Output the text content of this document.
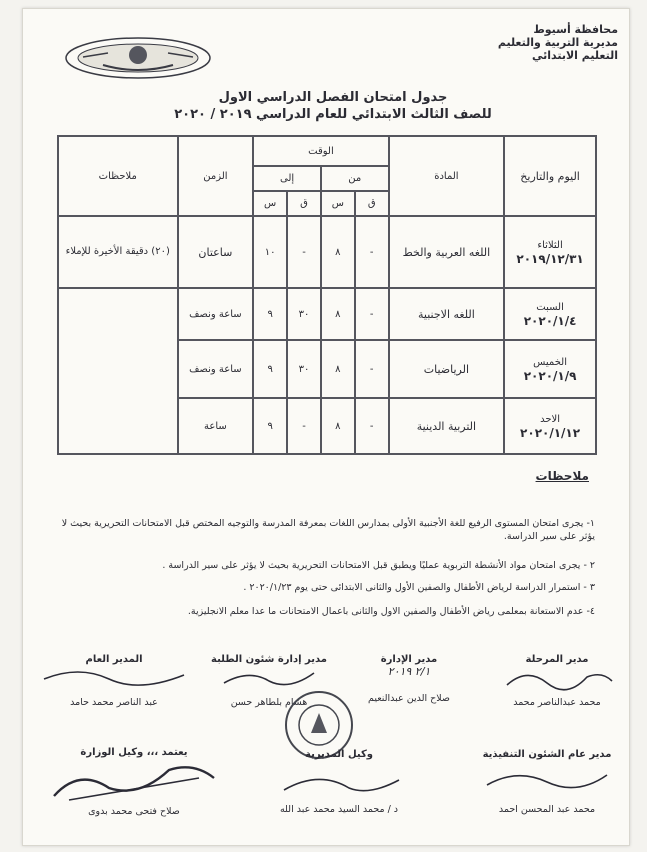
محافظة أسيوط
مديرية التربية والتعليم
التعليم الابتدائي
جدول امتحان الفصل الدراسي الاول
للصف الثالث الابتدائي للعام الدراسي ٢٠١٩ / ٢٠٢٠
اليوم والتاريخ	المادة	الوقت				الزمن	ملاحظات
		من		إلى			
		ق	س	ق	س		

الثلاثاء
٢٠١٩/١٢/٣١	اللغه العربية والخط	-	٨	-	١٠	ساعتان	(٢٠) دقيقة الأخيرة للإملاء

السبت
٢٠٢٠/١/٤	اللغه الاجنبية	-	٨	٣٠	٩	ساعة ونصف	

الخميس
٢٠٢٠/١/٩	الرياضيات	-	٨	٣٠	٩	ساعة ونصف	

الاحد
٢٠٢٠/١/١٢	التربية الدينية	-	٨	-	٩	ساعة	
ملاحظات
١- يجرى امتحان المستوى الرفيع للغة الأجنبية الأولى بمدارس اللغات بمعرفة المدرسة والتوجيه المختص قبل الامتحانات التحريرية بحيث لا يؤثر على سير الدراسة.
٢ - يجرى امتحان مواد الأنشطة التربوية عمليًا ويطبق قبل الامتحانات التحريرية بحيث لا يؤثر على سير الدراسة .
٣ - استمرار الدراسة لرياض الأطفال والصفين الأول والثانى الابتدائى حتى يوم ٢٠٢٠/١/٢٣ .
٤- عدم الاستعانة بمعلمى رياض الأطفال والصفين الاول والثانى باعمال الامتحانات ما عدا معلم الانجليزية.
مدير المرحلة
محمد عبدالناصر محمد
مدير الإدارة
٢/١ ٢٠١٩
صلاح الدين عبدالنعيم
مدير إدارة شئون الطلبة
هشام بلطاهر حسن
المدير العام
عبد الناصر محمد حامد
مدير عام الشئون التنفيذية
محمد عبد المحسن احمد
وكيل المديرية
د / محمد السيد محمد عبد الله
يعتمد ،،، وكيل الوزارة
صلاح فتحى محمد بدوى
